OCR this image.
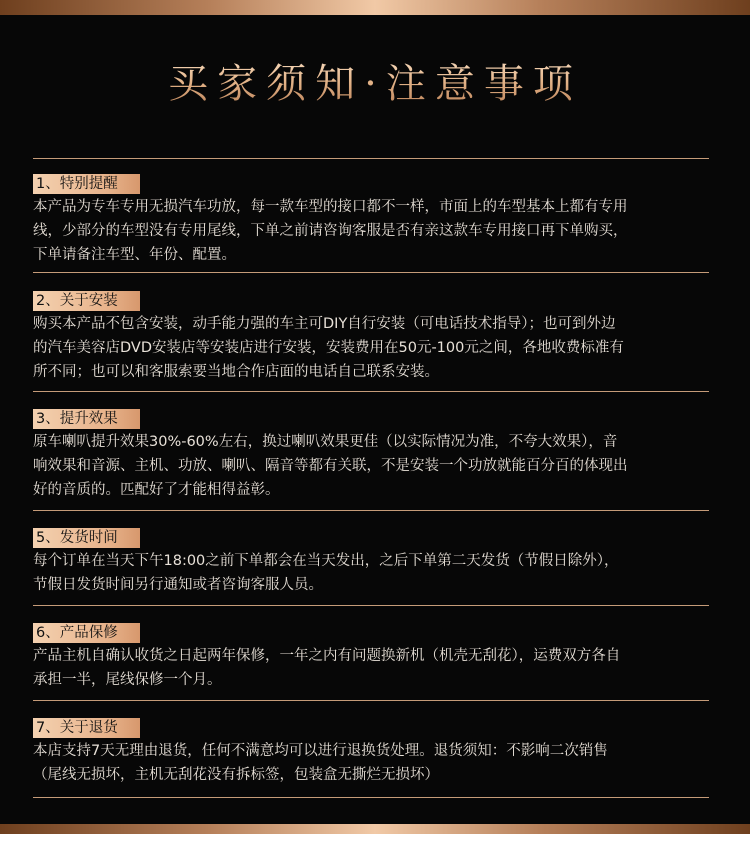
买家须知·注意事项
1、特别提醒
本产品为专车专用无损汽车功放，每一款车型的接口都不一样，市面上的车型基本上都有专用
线，少部分的车型没有专用尾线，下单之前请咨询客服是否有亲这款车专用接口再下单购买，
下单请备注车型、年份、配置。
2、关于安装
购买本产品不包含安装，动手能力强的车主可DIY自行安装（可电话技术指导）；也可到外边
的汽车美容店DVD安装店等安装店进行安装，安装费用在50元-100元之间，各地收费标准有
所不同；也可以和客服索要当地合作店面的电话自己联系安装。
3、提升效果
原车喇叭提升效果30%-60%左右，换过喇叭效果更佳（以实际情况为准，不夸大效果），音
响效果和音源、主机、功放、喇叭、隔音等都有关联，不是安装一个功放就能百分百的体现出
好的音质的。匹配好了才能相得益彰。
5、发货时间
每个订单在当天下午18:00之前下单都会在当天发出，之后下单第二天发货（节假日除外），
节假日发货时间另行通知或者咨询客服人员。
6、产品保修
产品主机自确认收货之日起两年保修，一年之内有问题换新机（机壳无刮花），运费双方各自
承担一半，尾线保修一个月。
7、关于退货
本店支持7天无理由退货，任何不满意均可以进行退换货处理。退货须知：不影响二次销售
（尾线无损坏，主机无刮花没有拆标签，包装盒无撕烂无损坏）
